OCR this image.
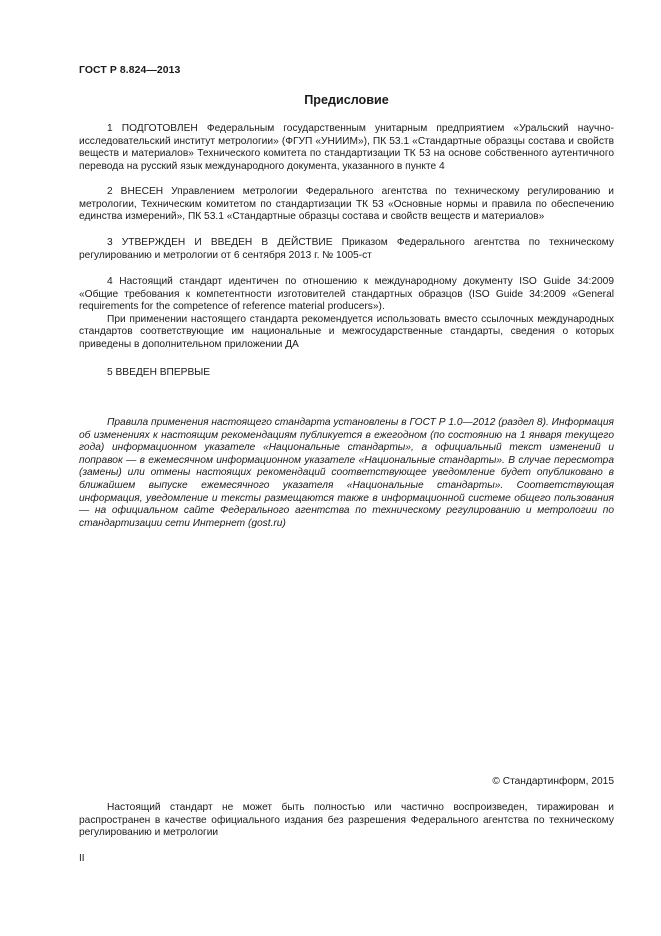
ГОСТ Р 8.824—2013
Предисловие

1 ПОДГОТОВЛЕН Федеральным государственным унитарным предприятием «Уральский научно-исследовательский институт метрологии» (ФГУП «УНИИМ»), ПК 53.1 «Стандартные образцы состава и свойств веществ и материалов» Технического комитета по стандартизации ТК 53 на основе собственного аутентичного перевода на русский язык международного документа, указанного в пункте 4

2 ВНЕСЕН Управлением метрологии Федерального агентства по техническому регулированию и метрологии, Техническим комитетом по стандартизации ТК 53 «Основные нормы и правила по обеспечению единства измерений», ПК 53.1 «Стандартные образцы состава и свойств веществ и материалов»

3 УТВЕРЖДЕН И ВВЕДЕН В ДЕЙСТВИЕ Приказом Федерального агентства по техническому регулированию и метрологии от 6 сентября 2013 г. № 1005-ст

4 Настоящий стандарт идентичен по отношению к международному документу ISO Guide 34:2009 «Общие требования к компетентности изготовителей стандартных образцов (ISO Guide 34:2009 «General requirements for the competence of reference material producers»).

При применении настоящего стандарта рекомендуется использовать вместо ссылочных международных стандартов соответствующие им национальные и межгосударственные стандарты, сведения о которых приведены в дополнительном приложении ДА

5 ВВЕДЕН ВПЕРВЫЕ

Правила применения настоящего стандарта установлены в ГОСТ Р 1.0—2012 (раздел 8). Информация об изменениях к настоящим рекомендациям публикуется в ежегодном (по состоянию на 1 января текущего года) информационном указателе «Национальные стандарты», а официальный текст изменений и поправок — в ежемесячном информационном указателе «Национальные стандарты». В случае пересмотра (замены) или отмены настоящих рекомендаций соответствующее уведомление будет опубликовано в ближайшем выпуске ежемесячного указателя «Национальные стандарты». Соответствующая информация, уведомление и тексты размещаются также в информационной системе общего пользования — на официальном сайте Федерального агентства по техническому регулированию и метрологии по стандартизации сети Интернет (gost.ru)

© Стандартинформ, 2015

Настоящий стандарт не может быть полностью или частично воспроизведен, тиражирован и распространен в качестве официального издания без разрешения Федерального агентства по техническому регулированию и метрологии

II
